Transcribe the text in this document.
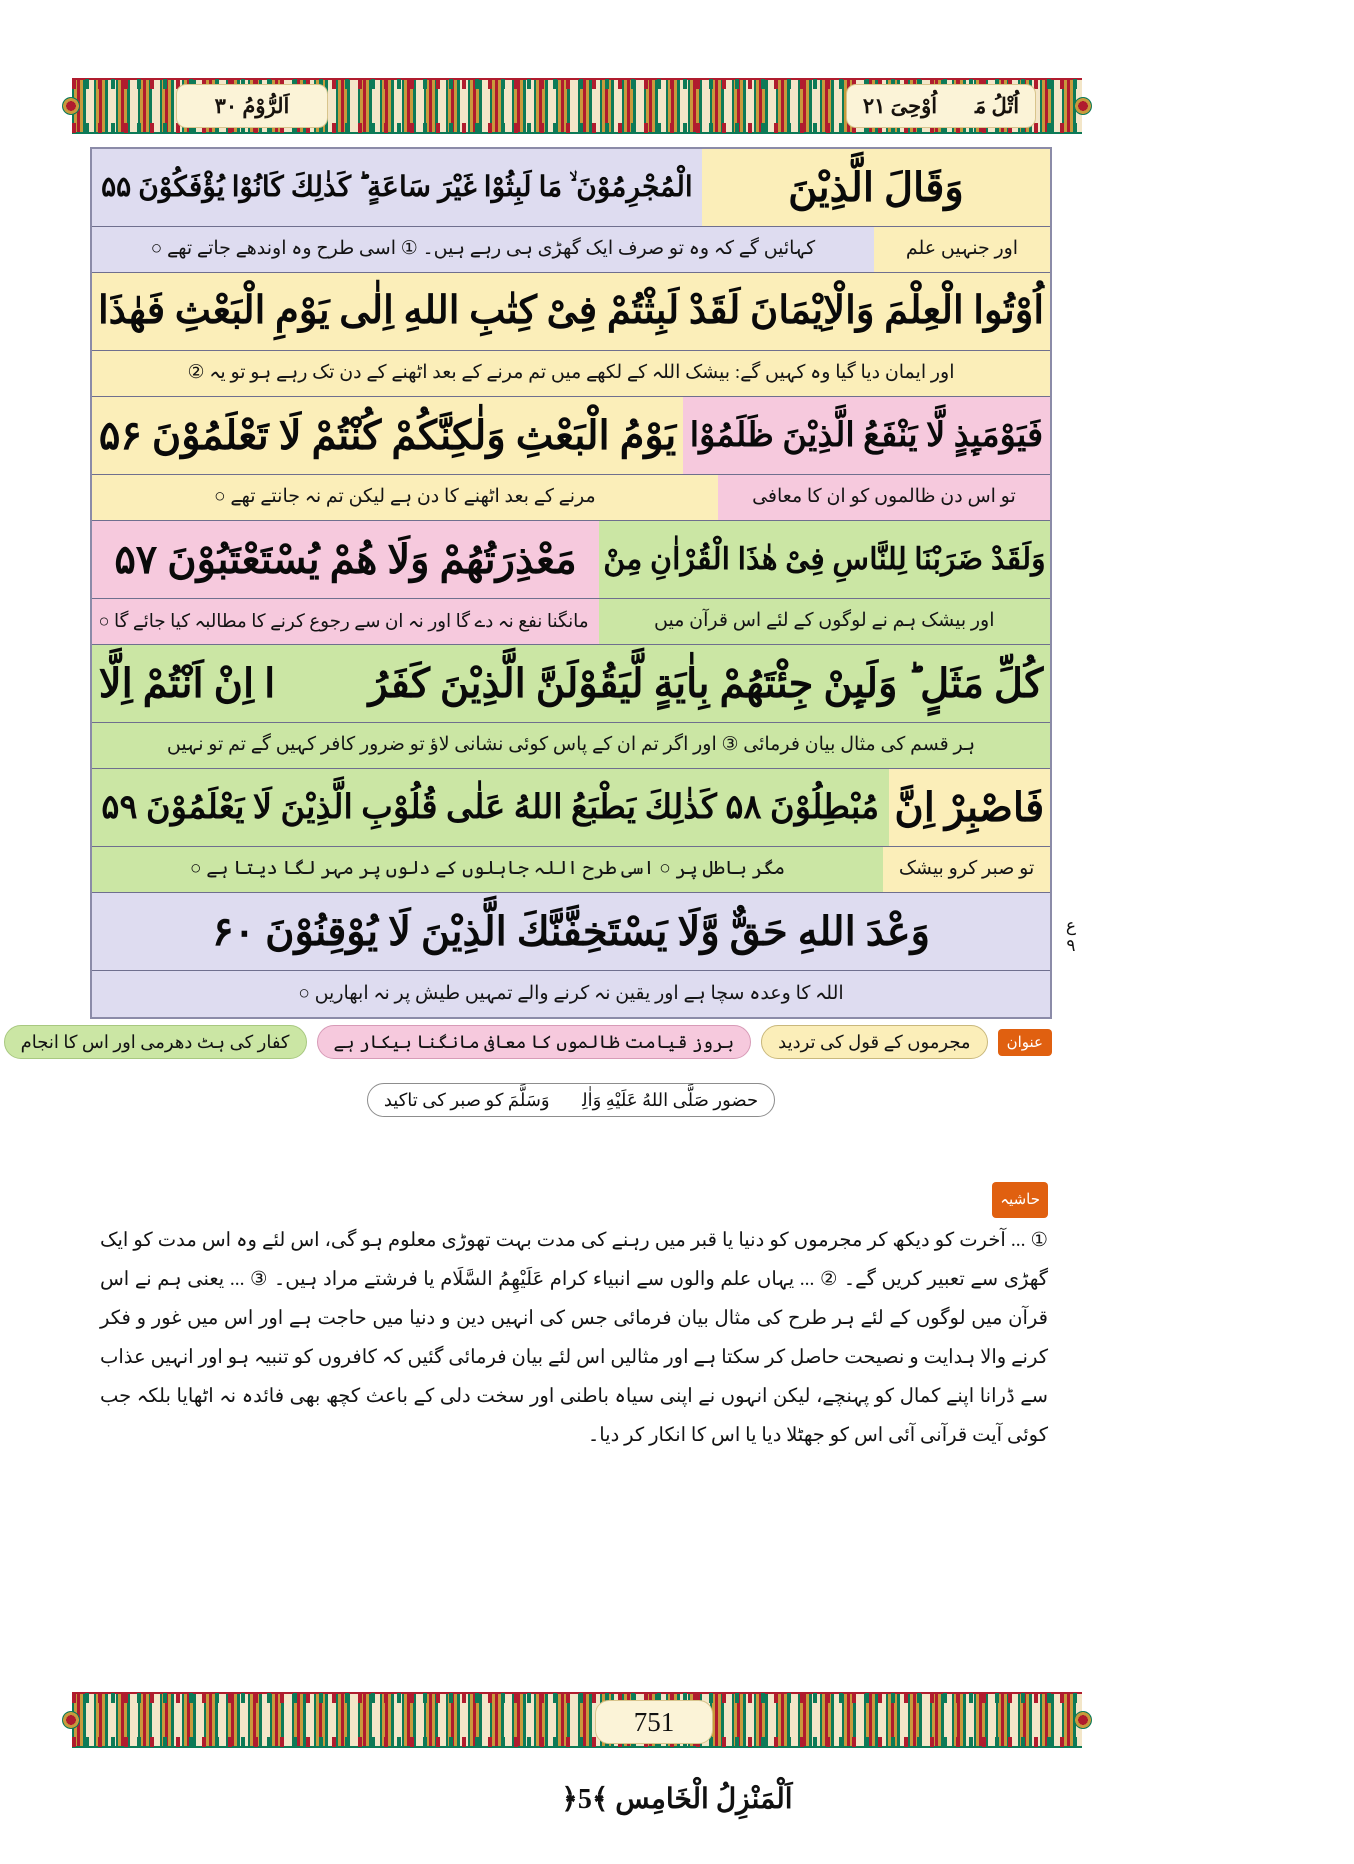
اَلرُّوْمُ ٣٠	اُتْلُ مَاۤ اُوْحِیَ ٢١
وَقَالَ الَّذِیْنَ
الْمُجْرِمُوْنَ ۙ مَا لَبِثُوْا غَیْرَ سَاعَةٍ ؕ كَذٰلِكَ كَانُوْا یُؤْفَكُوْنَ ۵۵
اور جنہیں علم
کہائیں گے کہ وہ تو صرف ایک گھڑی ہی رہے ہیں۔ ① اسی طرح وہ اوندھے جاتے تھے ○
اُوْتُوا الْعِلْمَ وَالْاِیْمَانَ لَقَدْ لَبِثْتُمْ فِیْ كِتٰبِ اللهِ اِلٰی یَوْمِ الْبَعْثِ فَهٰذَا
اور ایمان دیا گیا وہ کہیں گے: بیشک اللہ کے لکھے میں تم مرنے کے بعد اٹھنے کے دن تک رہے ہو تو یہ ②
فَیَوْمَىِٕذٍ لَّا یَنْفَعُ الَّذِیْنَ ظَلَمُوْا
یَوْمُ الْبَعْثِ وَلٰكِنَّكُمْ كُنْتُمْ لَا تَعْلَمُوْنَ ۵۶
تو اس دن ظالموں کو ان کا معافی
مرنے کے بعد اٹھنے کا دن ہے لیکن تم نہ جانتے تھے ○
وَلَقَدْ ضَرَبْنَا لِلنَّاسِ فِیْ هٰذَا الْقُرْاٰنِ مِنْ
مَعْذِرَتُهُمْ وَلَا هُمْ یُسْتَعْتَبُوْنَ ۵۷
اور بیشک ہم نے لوگوں کے لئے اس قرآن میں
مانگنا نفع نہ دے گا اور نہ ان سے رجوع کرنے کا مطالبہ کیا جائے گا ○
كُلِّ مَثَلٍ ؕ وَلَىِٕنْ جِئْتَهُمْ بِاٰیَةٍ لَّیَقُوْلَنَّ الَّذِیْنَ كَفَرُوْۤا اِنْ اَنْتُمْ اِلَّا
ہر قسم کی مثال بیان فرمائی ③ اور اگر تم ان کے پاس کوئی نشانی لاؤ تو ضرور کافر کہیں گے تم تو نہیں
فَاصْبِرْ اِنَّ
مُبْطِلُوْنَ ۵۸ كَذٰلِكَ یَطْبَعُ اللهُ عَلٰی قُلُوْبِ الَّذِیْنَ لَا یَعْلَمُوْنَ ۵۹
تو صبر کرو بیشک
مگر باطل پر ○ اسی طرح اللہ جاہلوں کے دلوں پر مہر لگا دیتا ہے ○
وَعْدَ اللهِ حَقٌّ وَّلَا یَسْتَخِفَّنَّكَ الَّذِیْنَ لَا یُوْقِنُوْنَ ۶۰
اللہ کا وعدہ سچا ہے اور یقین نہ کرنے والے تمہیں طیش پر نہ ابھاریں ○
ع
٩
عنوان
مجرموں کے قول کی تردید
بروز قیامت ظالموں کا معافی مانگنا بیکار ہے
کفار کی ہٹ دھرمی اور اس کا انجام
حضور صَلَّی اللهُ عَلَیْهِ وَاٰلِهٖ وَسَلَّمَ کو صبر کی تاکید
حاشیہ
① ... آخرت کو دیکھ کر مجرموں کو دنیا یا قبر میں رہنے کی مدت بہت تھوڑی معلوم ہو گی، اس لئے وہ اس مدت کو ایک گھڑی سے تعبیر کریں گے۔ ② ... یہاں علم والوں سے انبیاء کرام عَلَیْهِمُ السَّلَام یا فرشتے مراد ہیں۔ ③ ... یعنی ہم نے اس قرآن میں لوگوں کے لئے ہر طرح کی مثال بیان فرمائی جس کی انہیں دین و دنیا میں حاجت ہے اور اس میں غور و فکر کرنے والا ہدایت و نصیحت حاصل کر سکتا ہے اور مثالیں اس لئے بیان فرمائی گئیں کہ کافروں کو تنبیہ ہو اور انہیں عذاب سے ڈرانا اپنے کمال کو پہنچے، لیکن انہوں نے اپنی سیاہ باطنی اور سخت دلی کے باعث کچھ بھی فائدہ نہ اٹھایا بلکہ جب کوئی آیت قرآنی آئی اس کو جھٹلا دیا یا اس کا انکار کر دیا۔
751
اَلْمَنْزِلُ الْخَامِس ﴾5﴿
